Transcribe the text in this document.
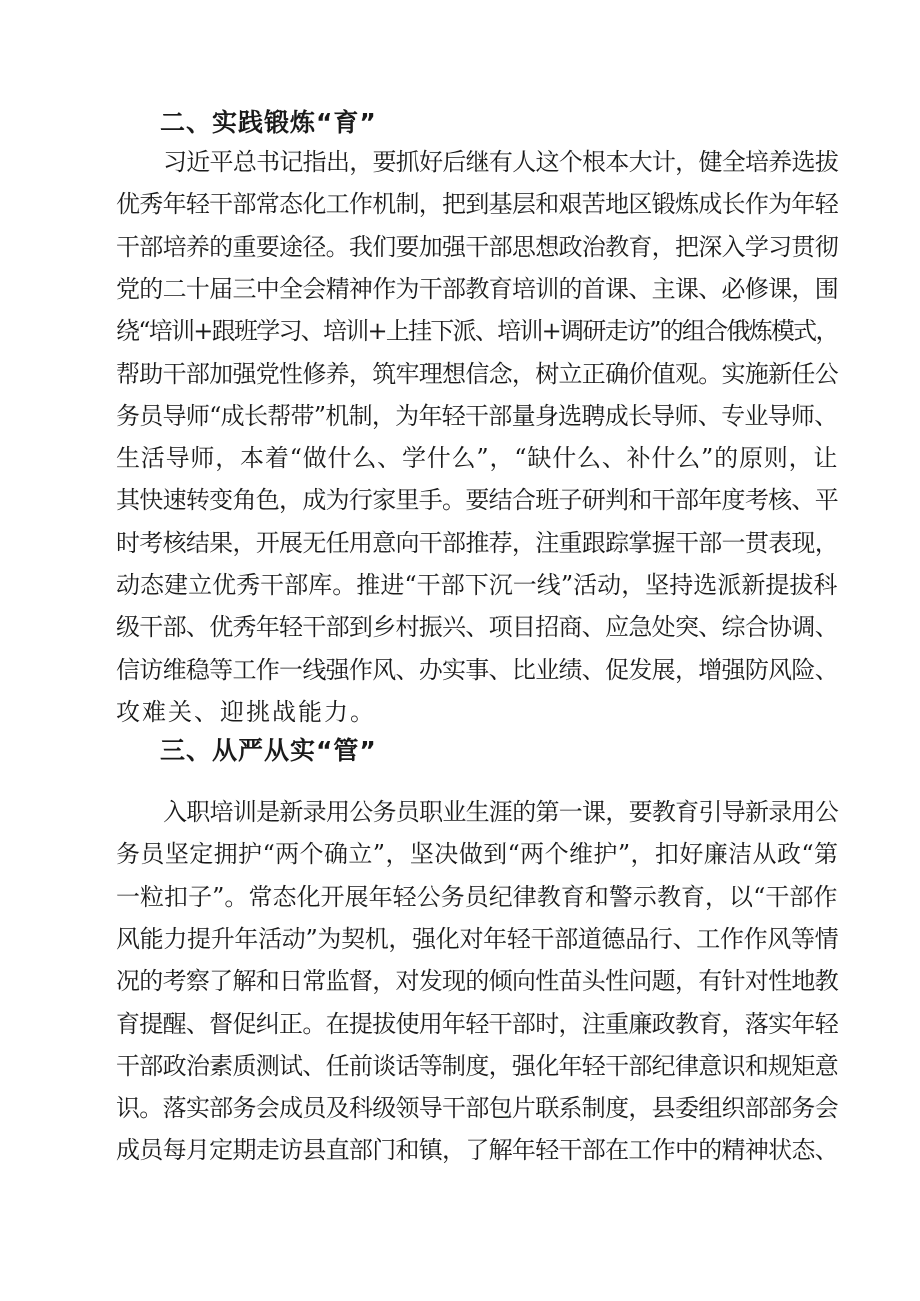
二、实践锻炼“育”
习近平总书记指出，要抓好后继有人这个根本大计，健全培养选拔
优秀年轻干部常态化工作机制，把到基层和艰苦地区锻炼成长作为年轻
干部培养的重要途径。我们要加强干部思想政治教育，把深入学习贯彻
党的二十届三中全会精神作为干部教育培训的首课、主课、必修课，围
绕“培训+跟班学习、培训+上挂下派、培训+调研走访”的组合俄炼模式，
帮助干部加强党性修养，筑牢理想信念，树立正确价值观。实施新任公
务员导师“成长帮带”机制，为年轻干部量身选聘成长导师、专业导师、
生活导师，本着“做什么、学什么”，“缺什么、补什么”的原则，让
其快速转变角色，成为行家里手。要结合班子研判和干部年度考核、平
时考核结果，开展无任用意向干部推荐，注重跟踪掌握干部一贯表现，
动态建立优秀干部库。推进“干部下沉一线”活动，坚持选派新提拔科
级干部、优秀年轻干部到乡村振兴、项目招商、应急处突、综合协调、
信访维稳等工作一线强作风、办实事、比业绩、促发展，增强防风险、
攻难关、迎挑战能力。
三、从严从实“管”
入职培训是新录用公务员职业生涯的第一课，要教育引导新录用公
务员坚定拥护“两个确立”，坚决做到“两个维护”，扣好廉洁从政“第
一粒扣子”。常态化开展年轻公务员纪律教育和警示教育，以“干部作
风能力提升年活动”为契机，强化对年轻干部道德品行、工作作风等情
况的考察了解和日常监督，对发现的倾向性苗头性问题，有针对性地教
育提醒、督促纠正。在提拔使用年轻干部时，注重廉政教育，落实年轻
干部政治素质测试、任前谈话等制度，强化年轻干部纪律意识和规矩意
识。落实部务会成员及科级领导干部包片联系制度，县委组织部部务会
成员每月定期走访县直部门和镇，了解年轻干部在工作中的精神状态、
